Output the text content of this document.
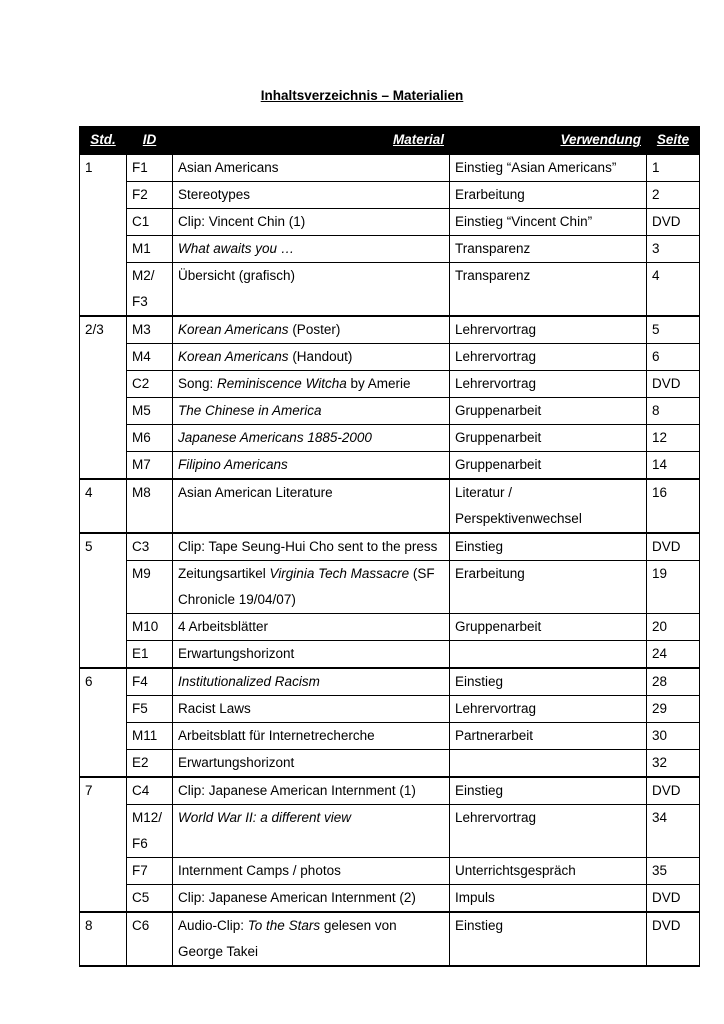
Inhaltsverzeichnis – Materialien
Std.	ID	Material	Verwendung	Seite
1	F1	Asian Americans	Einstieg “Asian Americans”	1
	F2	Stereotypes	Erarbeitung	2
	C1	Clip: Vincent Chin (1)	Einstieg “Vincent Chin”	DVD
	M1	What awaits you …	Transparenz	3
	M2/ F3	Übersicht (grafisch)	Transparenz	4
2/3	M3	Korean Americans (Poster)	Lehrervortrag	5
	M4	Korean Americans (Handout)	Lehrervortrag	6
	C2	Song: Reminiscence Witcha by Amerie	Lehrervortrag	DVD
	M5	The Chinese in America	Gruppenarbeit	8
	M6	Japanese Americans 1885-2000	Gruppenarbeit	12
	M7	Filipino Americans	Gruppenarbeit	14
4	M8	Asian American Literature	Literatur / Perspektivenwechsel	16
5	C3	Clip: Tape Seung-Hui Cho sent to the press	Einstieg	DVD
	M9	Zeitungsartikel Virginia Tech Massacre (SF Chronicle 19/04/07)	Erarbeitung	19
	M10	4 Arbeitsblätter	Gruppenarbeit	20
	E1	Erwartungshorizont		24
6	F4	Institutionalized Racism	Einstieg	28
	F5	Racist Laws	Lehrervortrag	29
	M11	Arbeitsblatt für Internetrecherche	Partnerarbeit	30
	E2	Erwartungshorizont		32
7	C4	Clip: Japanese American Internment (1)	Einstieg	DVD
	M12/ F6	World War II: a different view	Lehrervortrag	34
	F7	Internment Camps / photos	Unterrichtsgespräch	35
	C5	Clip: Japanese American Internment (2)	Impuls	DVD
8	C6	Audio-Clip: To the Stars gelesen von George Takei	Einstieg	DVD
